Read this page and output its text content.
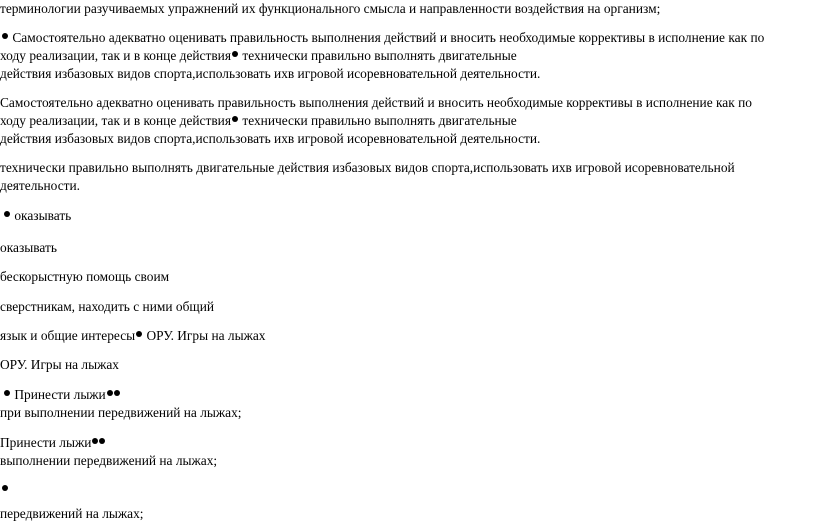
терминологии разучиваемых упражнений их функционального смысла и направленности воздействия на организм;
Самостоятельно адекватно оценивать правильность выполнения действий и вносить необходимые коррективы в исполнение как по
ходу реализации, так и в конце действия технически правильно выполнять двигательные
действия избазовых видов спорта,использовать ихв игровой исоревновательной деятельности.
Самостоятельно адекватно оценивать правильность выполнения действий и вносить необходимые коррективы в исполнение как по
ходу реализации, так и в конце действия технически правильно выполнять двигательные
действия избазовых видов спорта,использовать ихв игровой исоревновательной деятельности.
технически правильно выполнять двигательные действия избазовых видов спорта,использовать ихв игровой исоревновательной
деятельности.
оказывать
оказывать
бескорыстную помощь своим
сверстникам, находить с ними общий
язык и общие интересы ОРУ. Игры на лыжах
ОРУ. Игры на лыжах
Принести лыжи
при выполнении передвижений на лыжах;
Принести лыжи
выполнении передвижений на лыжах;
передвижений на лыжах;
